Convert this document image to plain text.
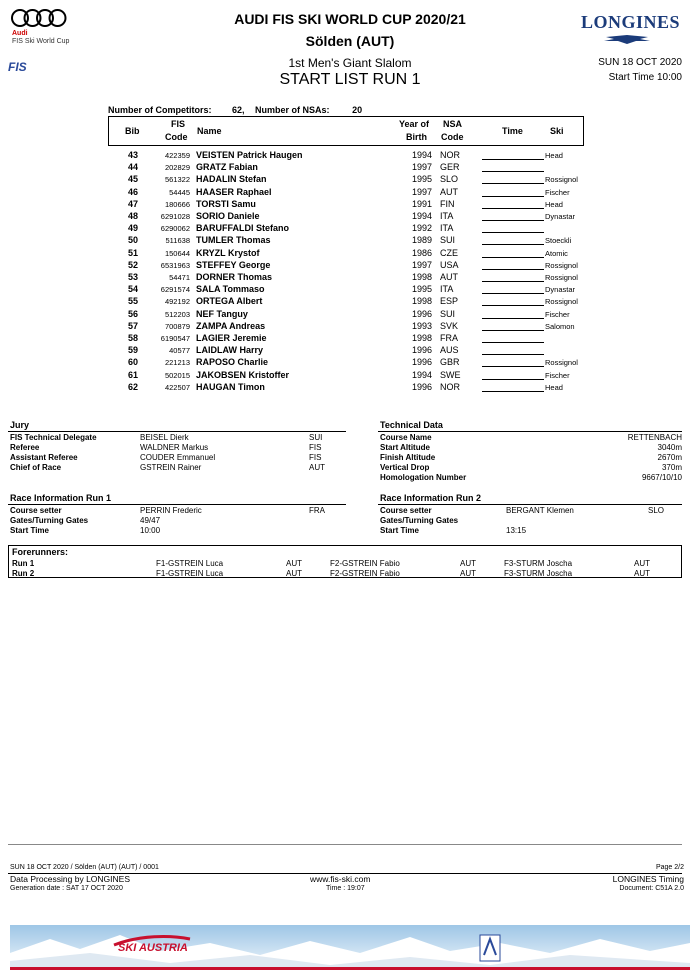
Audi
FIS Ski World Cup
FIS
AUDI FIS SKI WORLD CUP 2020/21
Sölden (AUT)
1st Men's Giant Slalom
START LIST RUN 1
LONGINES
SUN 18 OCT 2020
Start Time 10:00
Number of Competitors: 62, Number of NSAs:	20
Bib
FIS
Code
Name
Year of
Birth
NSA
Code
Time	Ski
43	422359 VEISTEN Patrick Haugen	1994 NOR	Head
44	202829 GRATZ Fabian	1997 GER
45	561322 HADALIN Stefan	1995 SLO	Rossignol
46	54445 HAASER Raphael	1997 AUT	Fischer
47	180666 TORSTI Samu	1991 FIN	Head
48	6291028 SORIO Daniele	1994 ITA	Dynastar
49	6290062 BARUFFALDI Stefano	1992 ITA
50	511638 TUMLER Thomas	1989 SUI	Stoeckli
51	150644 KRYZL Krystof	1986 CZE	Atomic
52	6531963 STEFFEY George	1997 USA	Rossignol
53	54471 DORNER Thomas	1998 AUT	Rossignol
54	6291574 SALA Tommaso	1995 ITA	Dynastar
55	492192 ORTEGA Albert	1998 ESP	Rossignol
56	512203 NEF Tanguy	1996 SUI	Fischer
57	700879 ZAMPA Andreas	1993 SVK	Salomon
58	6190547 LAGIER Jeremie	1998 FRA
59	40577 LAIDLAW Harry	1996 AUS
60	221213 RAPOSO Charlie	1996 GBR	Rossignol
61	502015 JAKOBSEN Kristoffer	1994 SWE	Fischer
62	422507 HAUGAN Timon	1996 NOR	Head
Jury
FIS Technical Delegate	BEISEL Dierk	SUI
Referee	WALDNER Markus	FIS
Assistant Referee	COUDER Emmanuel	FIS
Chief of Race	GSTREIN Rainer	AUT
Technical Data
Course Name	RETTENBACH
Start Altitude	3040m
Finish Altitude	2670m
Vertical Drop	370m
Homologation Number	9667/10/10
Race Information Run 1
Course setter	PERRIN Frederic	FRA
Gates/Turning Gates	49/47
Start Time	10:00
Race Information Run 2
Course setter	BERGANT Klemen	SLO
Gates/Turning Gates
Start Time	13:15
Forerunners:
Run 1	F1-GSTREIN Luca	AUT	F2-GSTREIN Fabio	AUT	F3-STURM Joscha	AUT
Run 2	F1-GSTREIN Luca	AUT	F2-GSTREIN Fabio	AUT	F3-STURM Joscha	AUT
SUN 18 OCT 2020 / Sölden (AUT) (AUT) / 0001	Page 2/2
Data Processing by LONGINES	www.fis-ski.com	LONGINES Timing
Generation date : SAT 17 OCT 2020	Time : 19:07	Document: C51A 2.0
SKI AUSTRIA
